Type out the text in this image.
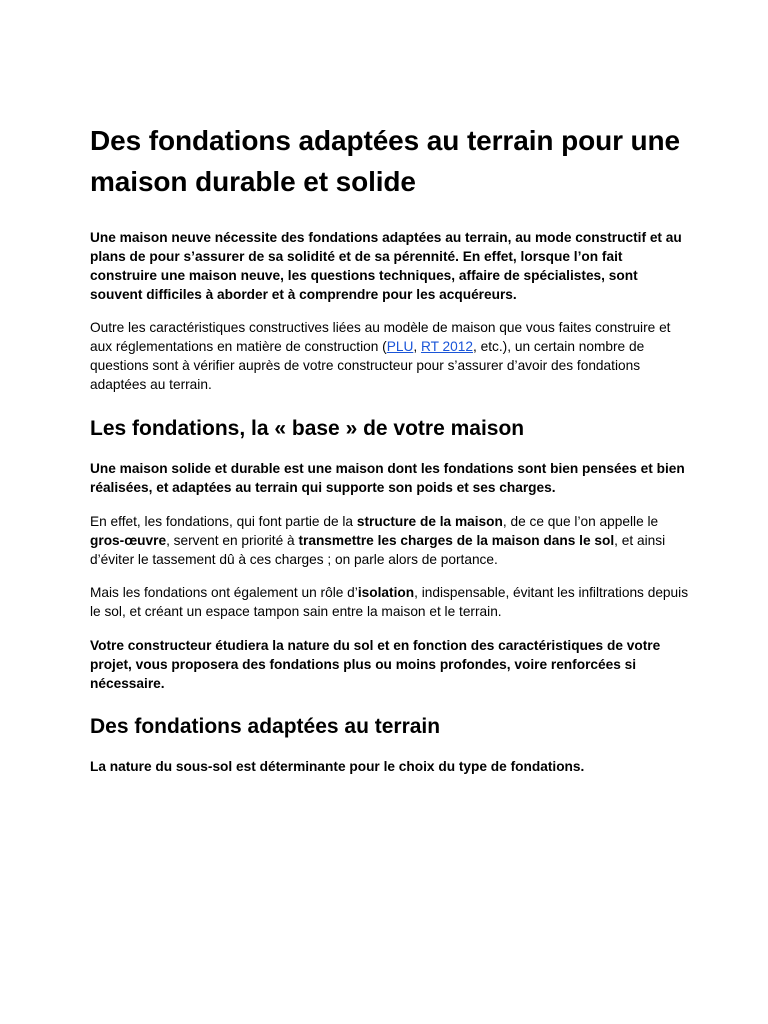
Des fondations adaptées au terrain pour une maison durable et solide

Une maison neuve nécessite des fondations adaptées au terrain, au mode constructif et au plans de pour s’assurer de sa solidité et de sa pérennité. En effet, lorsque l’on fait construire une maison neuve, les questions techniques, affaire de spécialistes, sont souvent difficiles à aborder et à comprendre pour les acquéreurs.

Outre les caractéristiques constructives liées au modèle de maison que vous faites construire et aux réglementations en matière de construction (PLU, RT 2012, etc.), un certain nombre de questions sont à vérifier auprès de votre constructeur pour s’assurer d’avoir des fondations adaptées au terrain.

Les fondations, la « base » de votre maison

Une maison solide et durable est une maison dont les fondations sont bien pensées et bien réalisées, et adaptées au terrain qui supporte son poids et ses charges.

En effet, les fondations, qui font partie de la structure de la maison, de ce que l’on appelle le gros-œuvre, servent en priorité à transmettre les charges de la maison dans le sol, et ainsi d’éviter le tassement dû à ces charges ; on parle alors de portance.

Mais les fondations ont également un rôle d’isolation, indispensable, évitant les infiltrations depuis le sol, et créant un espace tampon sain entre la maison et le terrain.

Votre constructeur étudiera la nature du sol et en fonction des caractéristiques de votre projet, vous proposera des fondations plus ou moins profondes, voire renforcées si nécessaire.

Des fondations adaptées au terrain

La nature du sous-sol est déterminante pour le choix du type de fondations.
